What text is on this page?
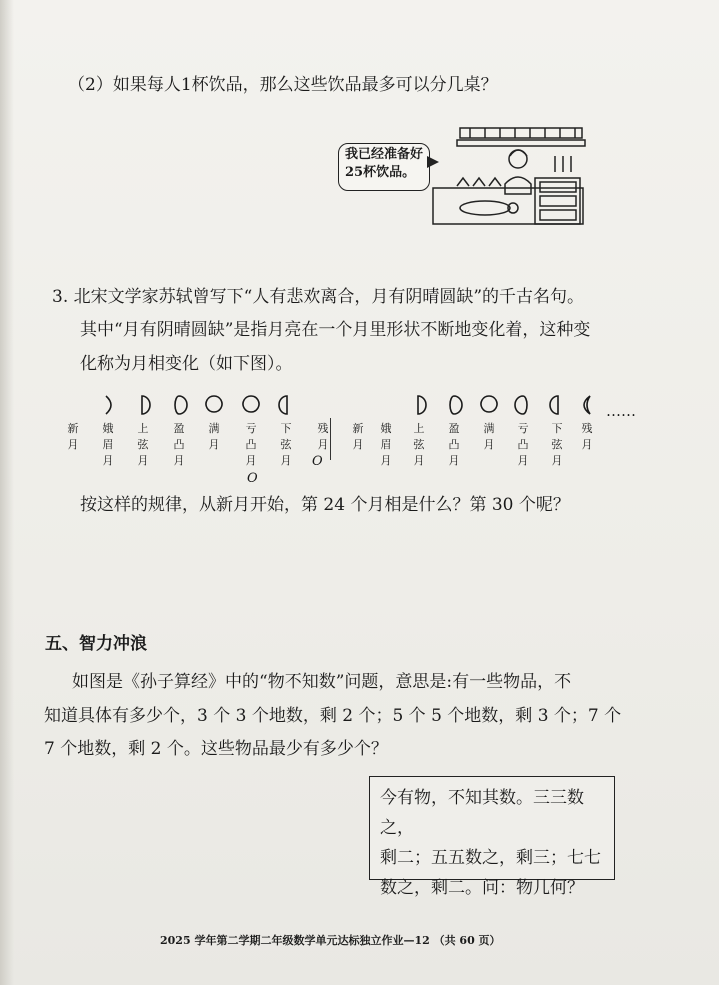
（2）如果每人1杯饮品，那么这些饮品最多可以分几桌？
我已经准备好
25杯饮品。
3. 北宋文学家苏轼曾写下“人有悲欢离合，月有阴晴圆缺”的千古名句。
其中“月有阴晴圆缺”是指月亮在一个月里形状不断地变化着，这种变
化称为月相变化（如下图）。
新月
娥眉月
上弦月
盈凸月
满月
亏凸月
下弦月
残月
新月
娥眉月
上弦月
盈凸月
满月
亏凸月
下弦月
残月
……
O
O
按这样的规律，从新月开始，第 24 个月相是什么？第 30 个呢？
五、智力冲浪
如图是《孙子算经》中的“物不知数”问题，意思是:有一些物品，不
知道具体有多少个，3 个 3 个地数，剩 2 个；5 个 5 个地数，剩 3 个；7 个
7 个地数，剩 2 个。这些物品最少有多少个？
今有物，不知其数。三三数之，
剩二；五五数之，剩三；七七
数之，剩二。问：物几何？
2025 学年第二学期二年级数学单元达标独立作业—12 （共 60 页）
